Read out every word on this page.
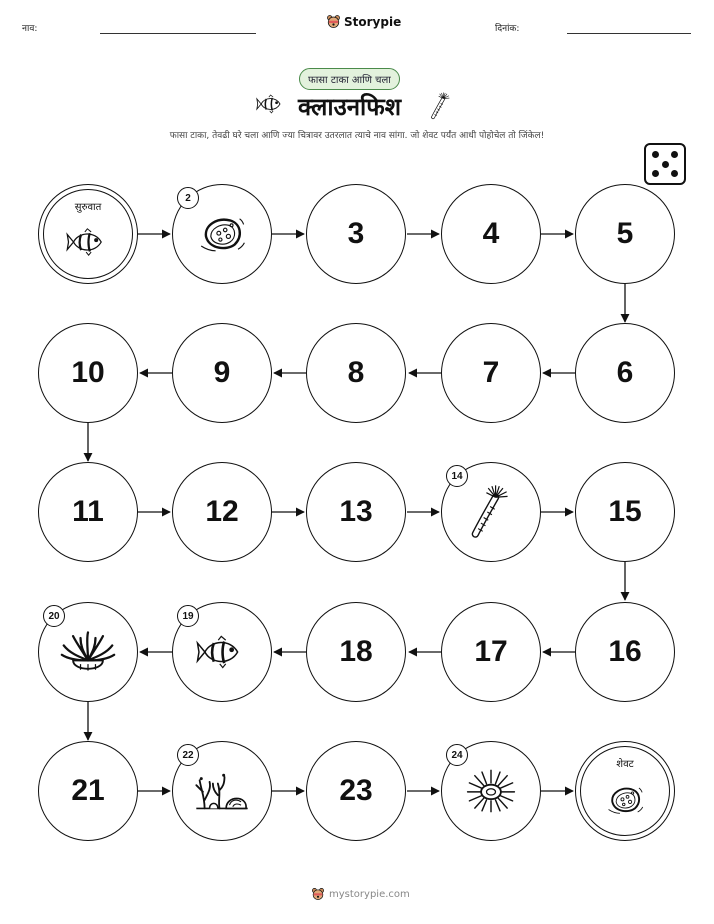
नाव:
Storypie
दिनांक:
फासा टाका आणि चला
क्लाउनफिश
फासा टाका, तेवढी घरे चला आणि ज्या चित्रावर उतरलात त्याचे नाव सांगा. जो शेवट पर्यंत आधी पोहोचेल तो जिंकेल!
सुरुवात
2
3	4	5
10	9	8	7	6
11	12	13
14
15
20	19
18	17	16
21
22
23
24
शेवट
mystorypie.com
